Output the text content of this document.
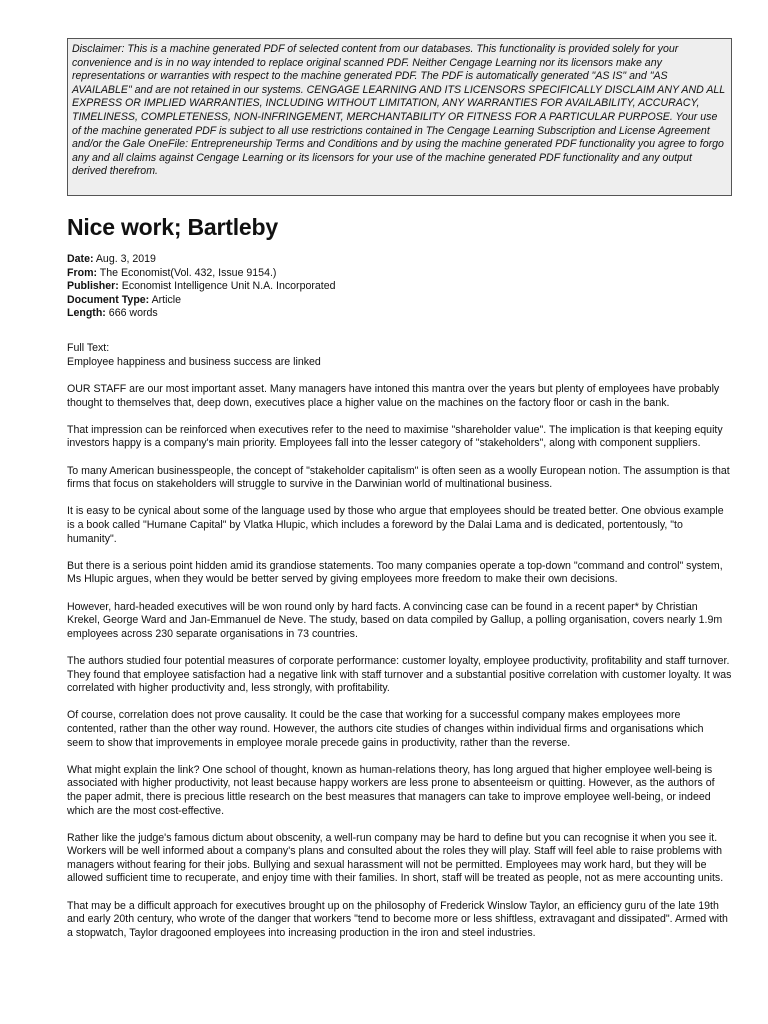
Disclaimer: This is a machine generated PDF of selected content from our databases. This functionality is provided solely for your convenience and is in no way intended to replace original scanned PDF. Neither Cengage Learning nor its licensors make any representations or warranties with respect to the machine generated PDF. The PDF is automatically generated "AS IS" and "AS AVAILABLE" and are not retained in our systems. CENGAGE LEARNING AND ITS LICENSORS SPECIFICALLY DISCLAIM ANY AND ALL EXPRESS OR IMPLIED WARRANTIES, INCLUDING WITHOUT LIMITATION, ANY WARRANTIES FOR AVAILABILITY, ACCURACY, TIMELINESS, COMPLETENESS, NON-INFRINGEMENT, MERCHANTABILITY OR FITNESS FOR A PARTICULAR PURPOSE. Your use of the machine generated PDF is subject to all use restrictions contained in The Cengage Learning Subscription and License Agreement and/or the Gale OneFile: Entrepreneurship Terms and Conditions and by using the machine generated PDF functionality you agree to forgo any and all claims against Cengage Learning or its licensors for your use of the machine generated PDF functionality and any output derived therefrom.
Nice work; Bartleby
Date: Aug. 3, 2019
From: The Economist(Vol. 432, Issue 9154.)
Publisher: Economist Intelligence Unit N.A. Incorporated
Document Type: Article
Length: 666 words
Full Text:
Employee happiness and business success are linked

OUR STAFF are our most important asset. Many managers have intoned this mantra over the years but plenty of employees have probably thought to themselves that, deep down, executives place a higher value on the machines on the factory floor or cash in the bank.

That impression can be reinforced when executives refer to the need to maximise "shareholder value". The implication is that keeping equity investors happy is a company's main priority. Employees fall into the lesser category of "stakeholders", along with component suppliers.

To many American businesspeople, the concept of "stakeholder capitalism" is often seen as a woolly European notion. The assumption is that firms that focus on stakeholders will struggle to survive in the Darwinian world of multinational business.

It is easy to be cynical about some of the language used by those who argue that employees should be treated better. One obvious example is a book called "Humane Capital" by Vlatka Hlupic, which includes a foreword by the Dalai Lama and is dedicated, portentously, "to humanity".

But there is a serious point hidden amid its grandiose statements. Too many companies operate a top-down "command and control" system, Ms Hlupic argues, when they would be better served by giving employees more freedom to make their own decisions.

However, hard-headed executives will be won round only by hard facts. A convincing case can be found in a recent paper* by Christian Krekel, George Ward and Jan-Emmanuel de Neve. The study, based on data compiled by Gallup, a polling organisation, covers nearly 1.9m employees across 230 separate organisations in 73 countries.

The authors studied four potential measures of corporate performance: customer loyalty, employee productivity, profitability and staff turnover. They found that employee satisfaction had a negative link with staff turnover and a substantial positive correlation with customer loyalty. It was correlated with higher productivity and, less strongly, with profitability.

Of course, correlation does not prove causality. It could be the case that working for a successful company makes employees more contented, rather than the other way round. However, the authors cite studies of changes within individual firms and organisations which seem to show that improvements in employee morale precede gains in productivity, rather than the reverse.

What might explain the link? One school of thought, known as human-relations theory, has long argued that higher employee well-being is associated with higher productivity, not least because happy workers are less prone to absenteeism or quitting. However, as the authors of the paper admit, there is precious little research on the best measures that managers can take to improve employee well-being, or indeed which are the most cost-effective.

Rather like the judge's famous dictum about obscenity, a well-run company may be hard to define but you can recognise it when you see it. Workers will be well informed about a company's plans and consulted about the roles they will play. Staff will feel able to raise problems with managers without fearing for their jobs. Bullying and sexual harassment will not be permitted. Employees may work hard, but they will be allowed sufficient time to recuperate, and enjoy time with their families. In short, staff will be treated as people, not as mere accounting units.

That may be a difficult approach for executives brought up on the philosophy of Frederick Winslow Taylor, an efficiency guru of the late 19th and early 20th century, who wrote of the danger that workers "tend to become more or less shiftless, extravagant and dissipated". Armed with a stopwatch, Taylor dragooned employees into increasing production in the iron and steel industries.
